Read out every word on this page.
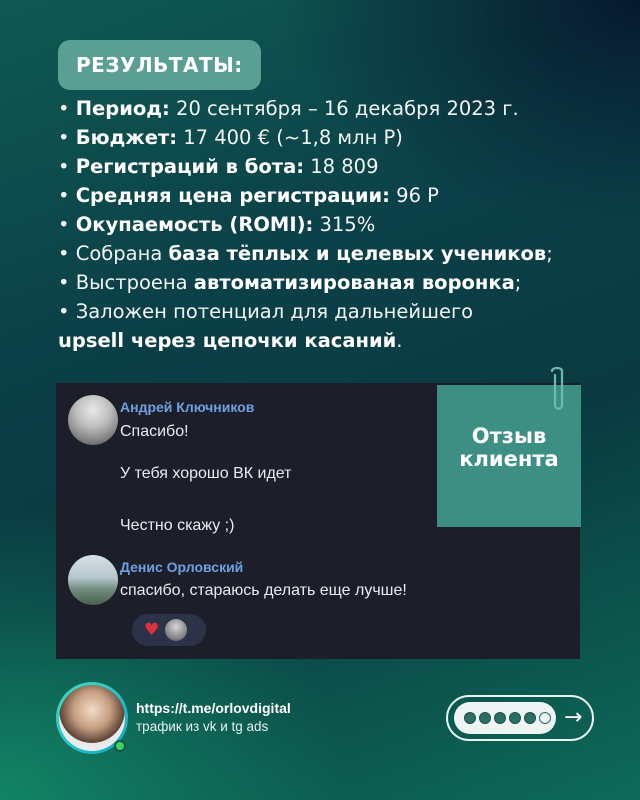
РЕЗУЛЬТАТЫ:
• Период: 20 сентября – 16 декабря 2023 г.
• Бюджет: 17 400 € (~1,8 млн Р)
• Регистраций в бота: 18 809
• Средняя цена регистрации: 96 Р
• Окупаемость (ROMI): 315%
• Собрана база тёплых и целевых учеников;
• Выстроена автоматизированая воронка;
• Заложен потенциал для дальнейшего
upsell через цепочки касаний.
Андрей Ключников
Спасибо!
У тебя хорошо ВК идет
Честно скажу ;)
Денис Орловский
спасибо, стараюсь делать еще лучше!
♥
Отзыв
клиента
https://t.me/orlovdigital
трафик из vk и tg ads	→
